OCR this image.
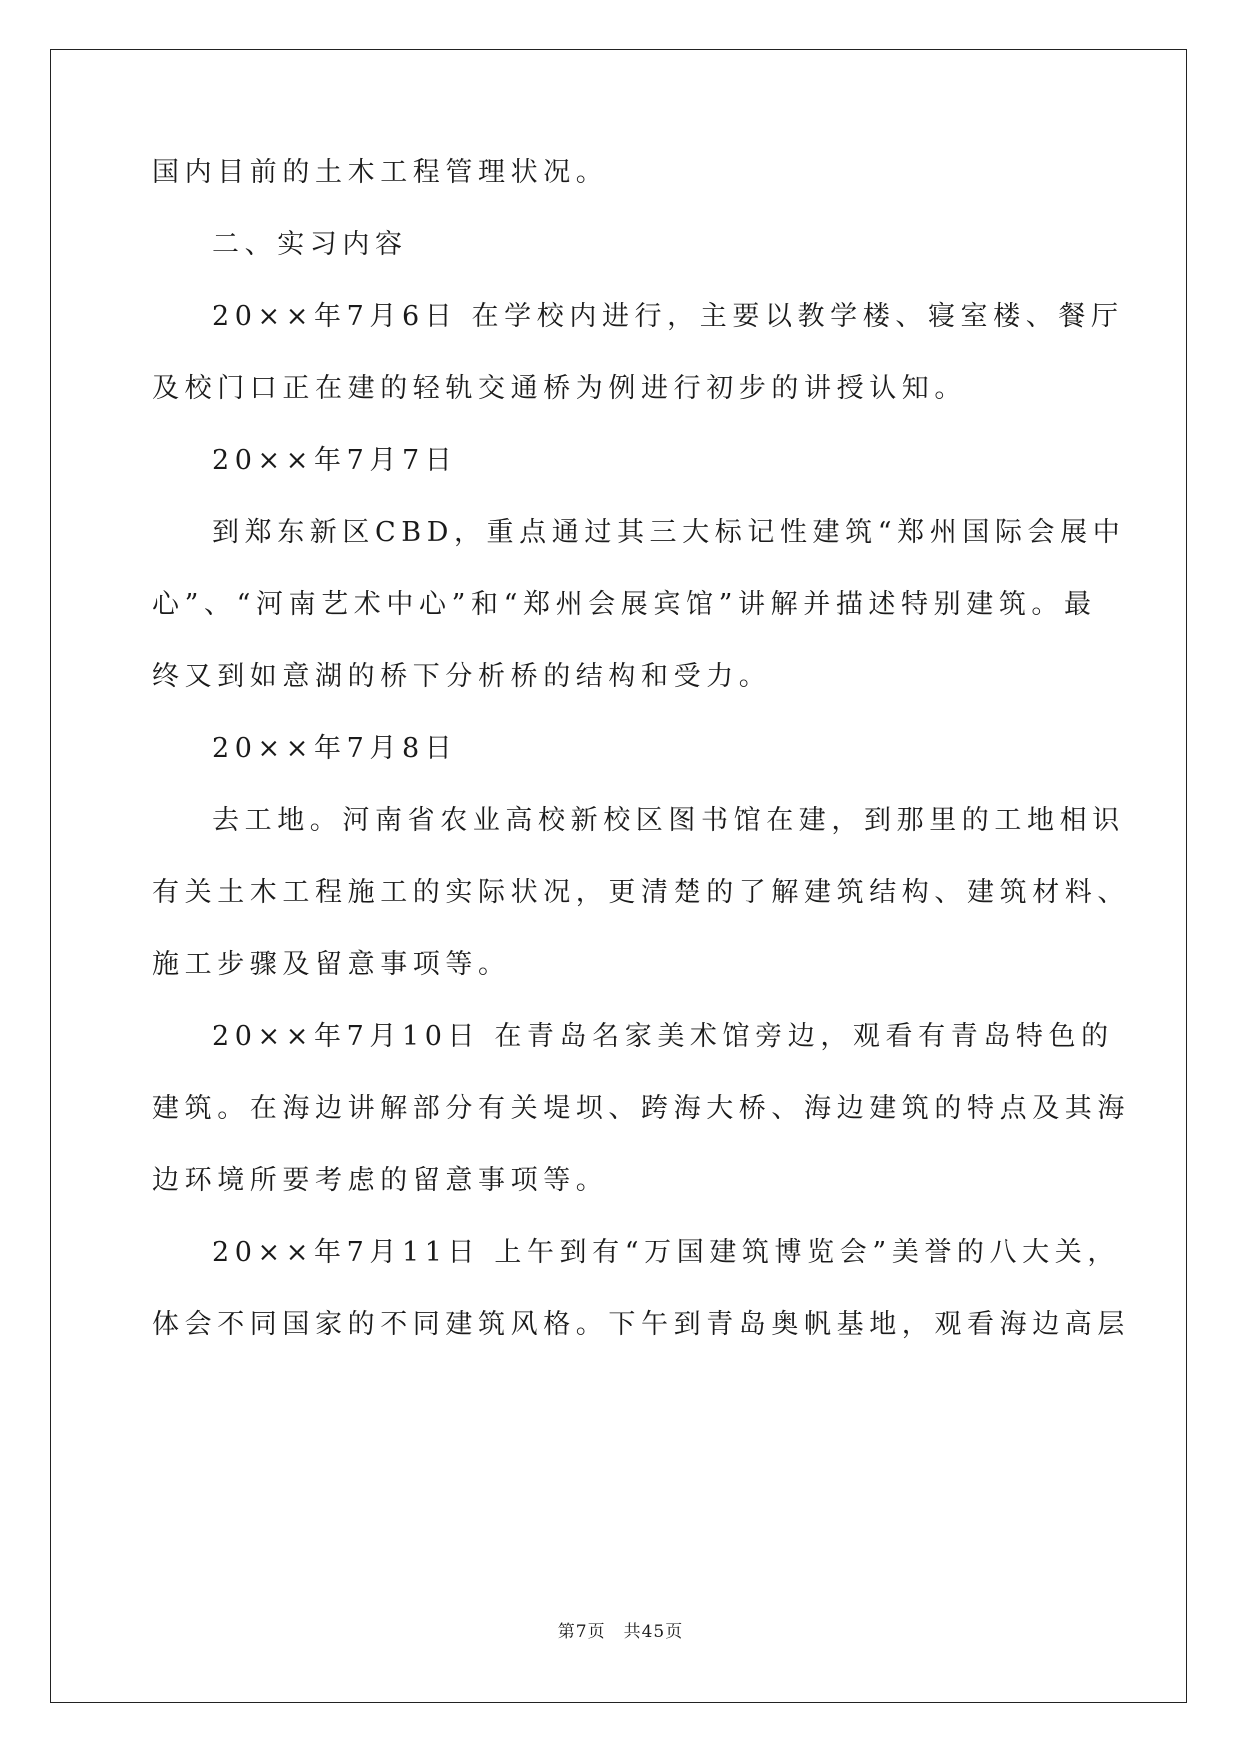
国内目前的土木工程管理状况。
二、实习内容
20××年7月6日 在学校内进行，主要以教学楼、寝室楼、餐厅
及校门口正在建的轻轨交通桥为例进行初步的讲授认知。
20××年7月7日
到郑东新区CBD，重点通过其三大标记性建筑“郑州国际会展中
心”、“河南艺术中心”和“郑州会展宾馆”讲解并描述特别建筑。最
终又到如意湖的桥下分析桥的结构和受力。
20××年7月8日
去工地。河南省农业高校新校区图书馆在建，到那里的工地相识
有关土木工程施工的实际状况，更清楚的了解建筑结构、建筑材料、
施工步骤及留意事项等。
20××年7月10日 在青岛名家美术馆旁边，观看有青岛特色的
建筑。在海边讲解部分有关堤坝、跨海大桥、海边建筑的特点及其海
边环境所要考虑的留意事项等。
20××年7月11日 上午到有“万国建筑博览会”美誉的八大关，
体会不同国家的不同建筑风格。下午到青岛奥帆基地，观看海边高层
第7页　共45页
